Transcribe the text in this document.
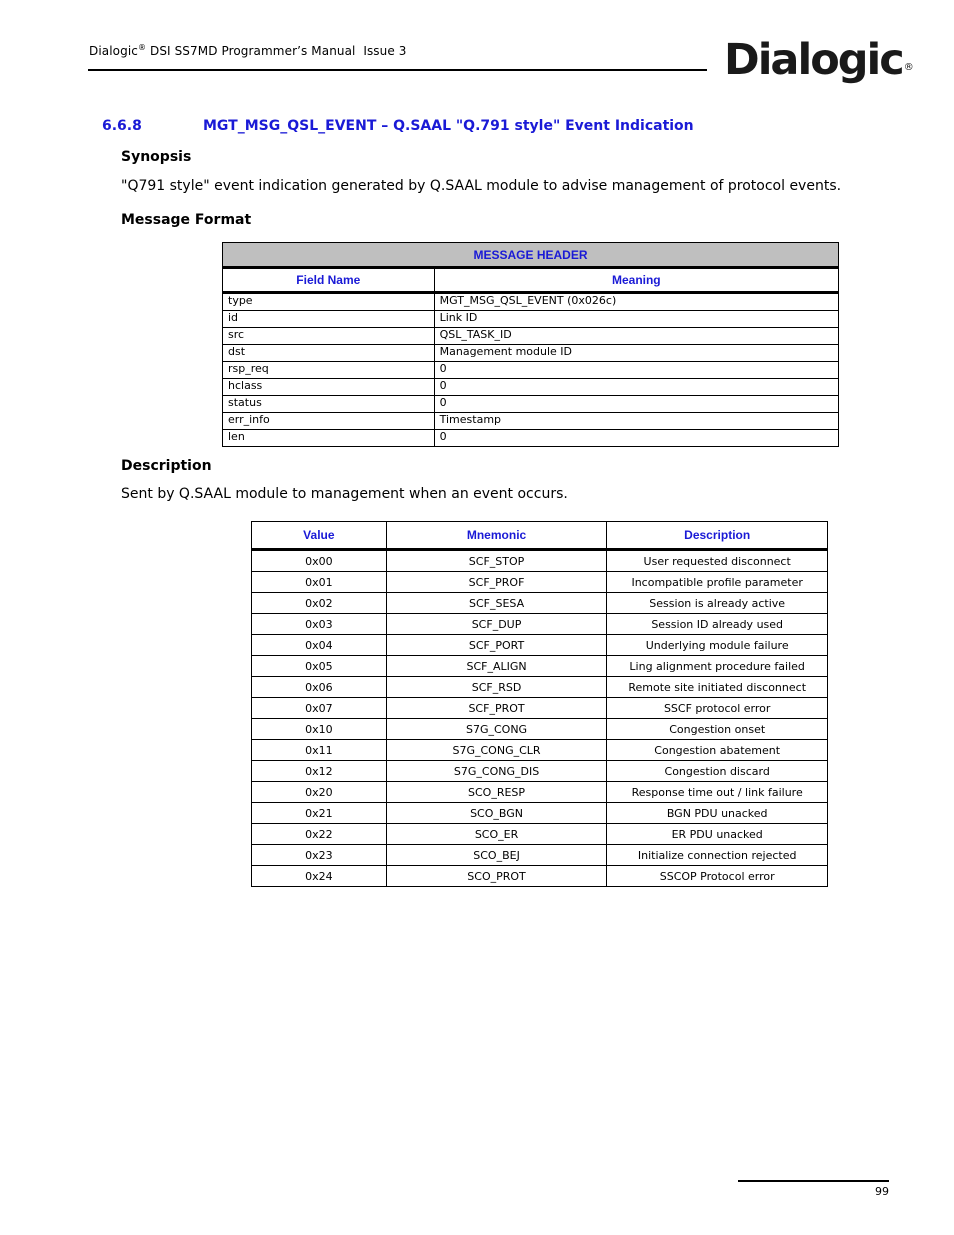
Dialogic® DSI SS7MD Programmer’s Manual  Issue 3	Dialogic®
6.6.8	MGT_MSG_QSL_EVENT – Q.SAAL "Q.791 style" Event Indication
Synopsis
"Q791 style" event indication generated by Q.SAAL module to advise management of protocol events.
Message Format
MESSAGE HEADER	
Field Name	Meaning
type	MGT_MSG_QSL_EVENT (0x026c)
id	Link ID
src	QSL_TASK_ID
dst	Management module ID
rsp_req	0
hclass	0
status	0
err_info	Timestamp
len	0
Description
Sent by Q.SAAL module to management when an event occurs.
Value	Mnemonic	Description
0x00	SCF_STOP	User requested disconnect
0x01	SCF_PROF	Incompatible profile parameter
0x02	SCF_SESA	Session is already active
0x03	SCF_DUP	Session ID already used
0x04	SCF_PORT	Underlying module failure
0x05	SCF_ALIGN	Ling alignment procedure failed
0x06	SCF_RSD	Remote site initiated disconnect
0x07	SCF_PROT	SSCF protocol error
0x10	S7G_CONG	Congestion onset
0x11	S7G_CONG_CLR	Congestion abatement
0x12	S7G_CONG_DIS	Congestion discard
0x20	SCO_RESP	Response time out / link failure
0x21	SCO_BGN	BGN PDU unacked
0x22	SCO_ER	ER PDU unacked
0x23	SCO_BEJ	Initialize connection rejected
0x24	SCO_PROT	SSCOP Protocol error
99
